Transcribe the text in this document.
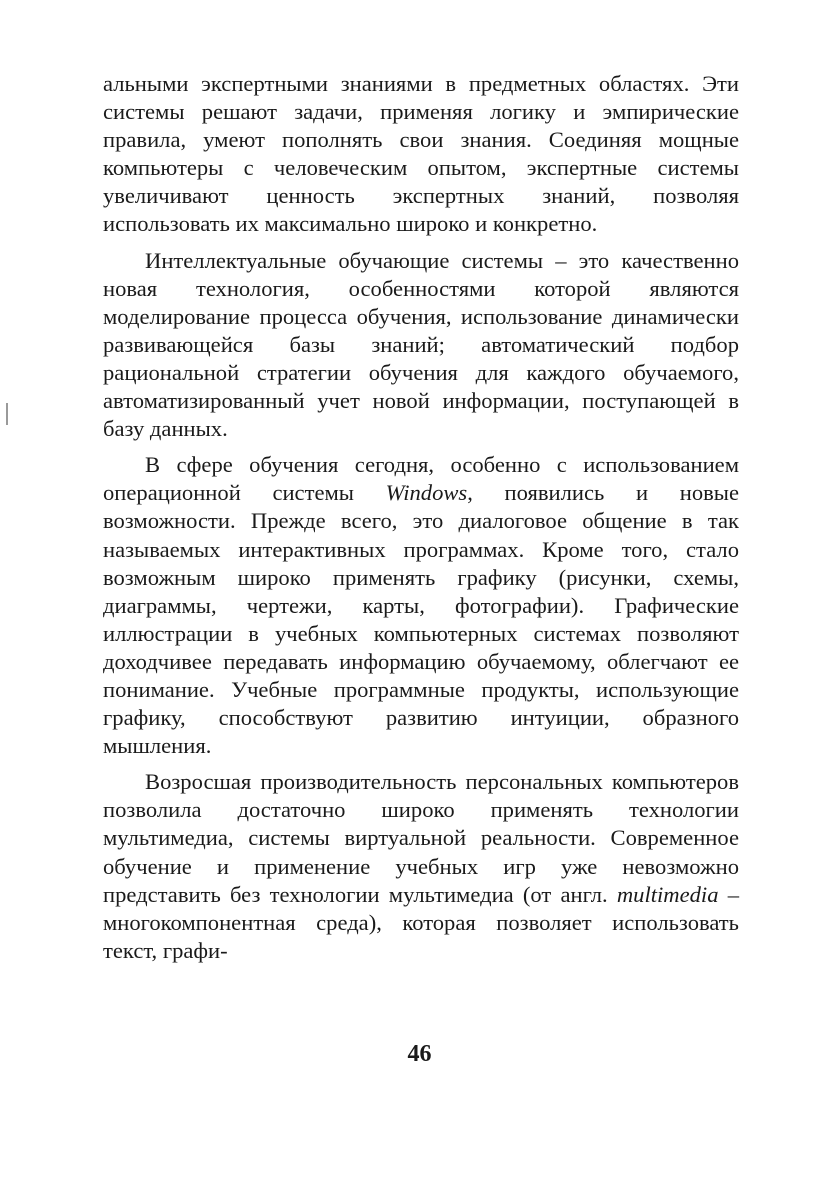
альными экспертными знаниями в предметных областях. Эти системы решают задачи, применяя логику и эмпирические правила, умеют пополнять свои знания. Соединяя мощные компьютеры с человеческим опытом, экспертные системы увеличивают ценность экспертных знаний, позволяя использовать их максимально широко и конкретно.

Интеллектуальные обучающие системы – это качественно новая технология, особенностями которой являются моделирование процесса обучения, использование динамически развивающейся базы знаний; автоматический подбор рациональной стратегии обучения для каждого обучаемого, автоматизированный учет новой информации, поступающей в базу данных.

В сфере обучения сегодня, особенно с использованием операционной системы Windows, появились и новые возможности. Прежде всего, это диалоговое общение в так называемых интерактивных программах. Кроме того, стало возможным широко применять графику (рисунки, схемы, диаграммы, чертежи, карты, фотографии). Графические иллюстрации в учебных компьютерных системах позволяют доходчивее передавать информацию обучаемому, облегчают ее понимание. Учебные программные продукты, использующие графику, способствуют развитию интуиции, образного мышления.

Возросшая производительность персональных компьютеров позволила достаточно широко применять технологии мультимедиа, системы виртуальной реальности. Современное обучение и применение учебных игр уже невозможно представить без технологии мультимедиа (от англ. multimedia – многокомпонентная среда), которая позволяет использовать текст, графи-

46
